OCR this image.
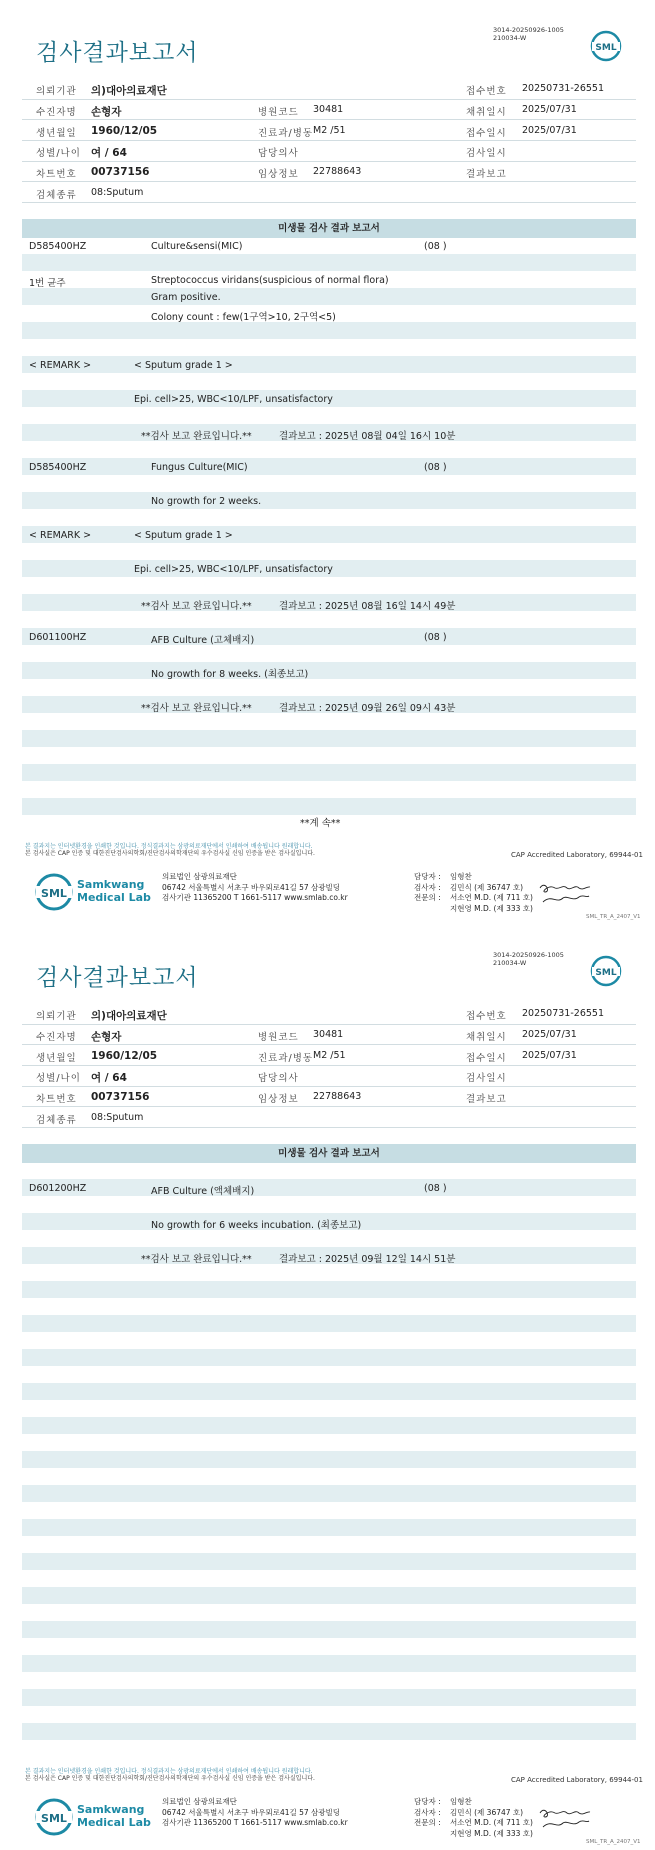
검사결과보고서
3014-20250926-1005
210034-W
SML
의뢰기관 의)대아의료재단	접수번호 20250731-26551
수진자명 손형자	병원코드 30481	채취일시 2025/07/31
생년월일 1960/12/05	진료과/병동 M2 /51	접수일시 2025/07/31
성별/나이 여 / 64	담당의사	검사일시
차트번호 00737156	임상정보 22788643	결과보고
검체종류 08:Sputum
미생물 검사 결과 보고서
D585400HZ	Culture&sensi(MIC)	(08 )
1번 균주	Streptococcus viridans(suspicious of normal flora)
Gram positive.
Colony count : few(1구역>10, 2구역<5)
< REMARK >	< Sputum grade 1 >
Epi. cell>25, WBC<10/LPF, unsatisfactory
**검사 보고 완료입니다.**	결과보고 : 2025년 08월 04일 16시 10분
D585400HZ	Fungus Culture(MIC)	(08 )
No growth for 2 weeks.
< REMARK >	< Sputum grade 1 >
Epi. cell>25, WBC<10/LPF, unsatisfactory
**검사 보고 완료입니다.**	결과보고 : 2025년 08월 16일 14시 49분
D601100HZ	AFB Culture (고체배지)	(08 )
No growth for 8 weeks. (최종보고)
**검사 보고 완료입니다.**	결과보고 : 2025년 09월 26일 09시 43분
**계 속**
본 결과지는 인터넷환경을 인쇄한 것입니다. 정식결과지는 삼광의료재단에서 인쇄하여 배송됩니다 원래합니다.
본 검사실은 CAP 인증 및 대한진단검사의학회/진단검사의학재단의 우수검사실 신임 인증을 받은 검사실입니다.	CAP Accredited Laboratory, 69944-01
SML
Samkwang
Medical Lab
의료법인 삼광의료재단
06742 서울특별시 서초구 바우뫼로41길 57 삼광빌딩
검사기관 11365200 T 1661-5117 www.smlab.co.kr
담당자 : 임형찬
검사자 : 김민식 (제 36747 호)
전문의 : 서소연 M.D. (제 711 호)
지현영 M.D. (제 333 호)
SML_TR_A_2407_V1
검사결과보고서
3014-20250926-1005
210034-W
SML
의뢰기관 의)대아의료재단	접수번호 20250731-26551
수진자명 손형자	병원코드 30481	채취일시 2025/07/31
생년월일 1960/12/05	진료과/병동 M2 /51	접수일시 2025/07/31
성별/나이 여 / 64	담당의사	검사일시
차트번호 00737156	임상정보 22788643	결과보고
검체종류 08:Sputum
미생물 검사 결과 보고서
D601200HZ	AFB Culture (액체배지)	(08 )
No growth for 6 weeks incubation. (최종보고)
**검사 보고 완료입니다.**	결과보고 : 2025년 09월 12일 14시 51분
본 결과지는 인터넷환경을 인쇄한 것입니다. 정식결과지는 삼광의료재단에서 인쇄하여 배송됩니다 원래합니다.
본 검사실은 CAP 인증 및 대한진단검사의학회/진단검사의학재단의 우수검사실 신임 인증을 받은 검사실입니다.	CAP Accredited Laboratory, 69944-01
SML
Samkwang
Medical Lab
의료법인 삼광의료재단
06742 서울특별시 서초구 바우뫼로41길 57 삼광빌딩
검사기관 11365200 T 1661-5117 www.smlab.co.kr
담당자 : 임형찬
검사자 : 김민식 (제 36747 호)
전문의 : 서소연 M.D. (제 711 호)
지현영 M.D. (제 333 호)
SML_TR_A_2407_V1
